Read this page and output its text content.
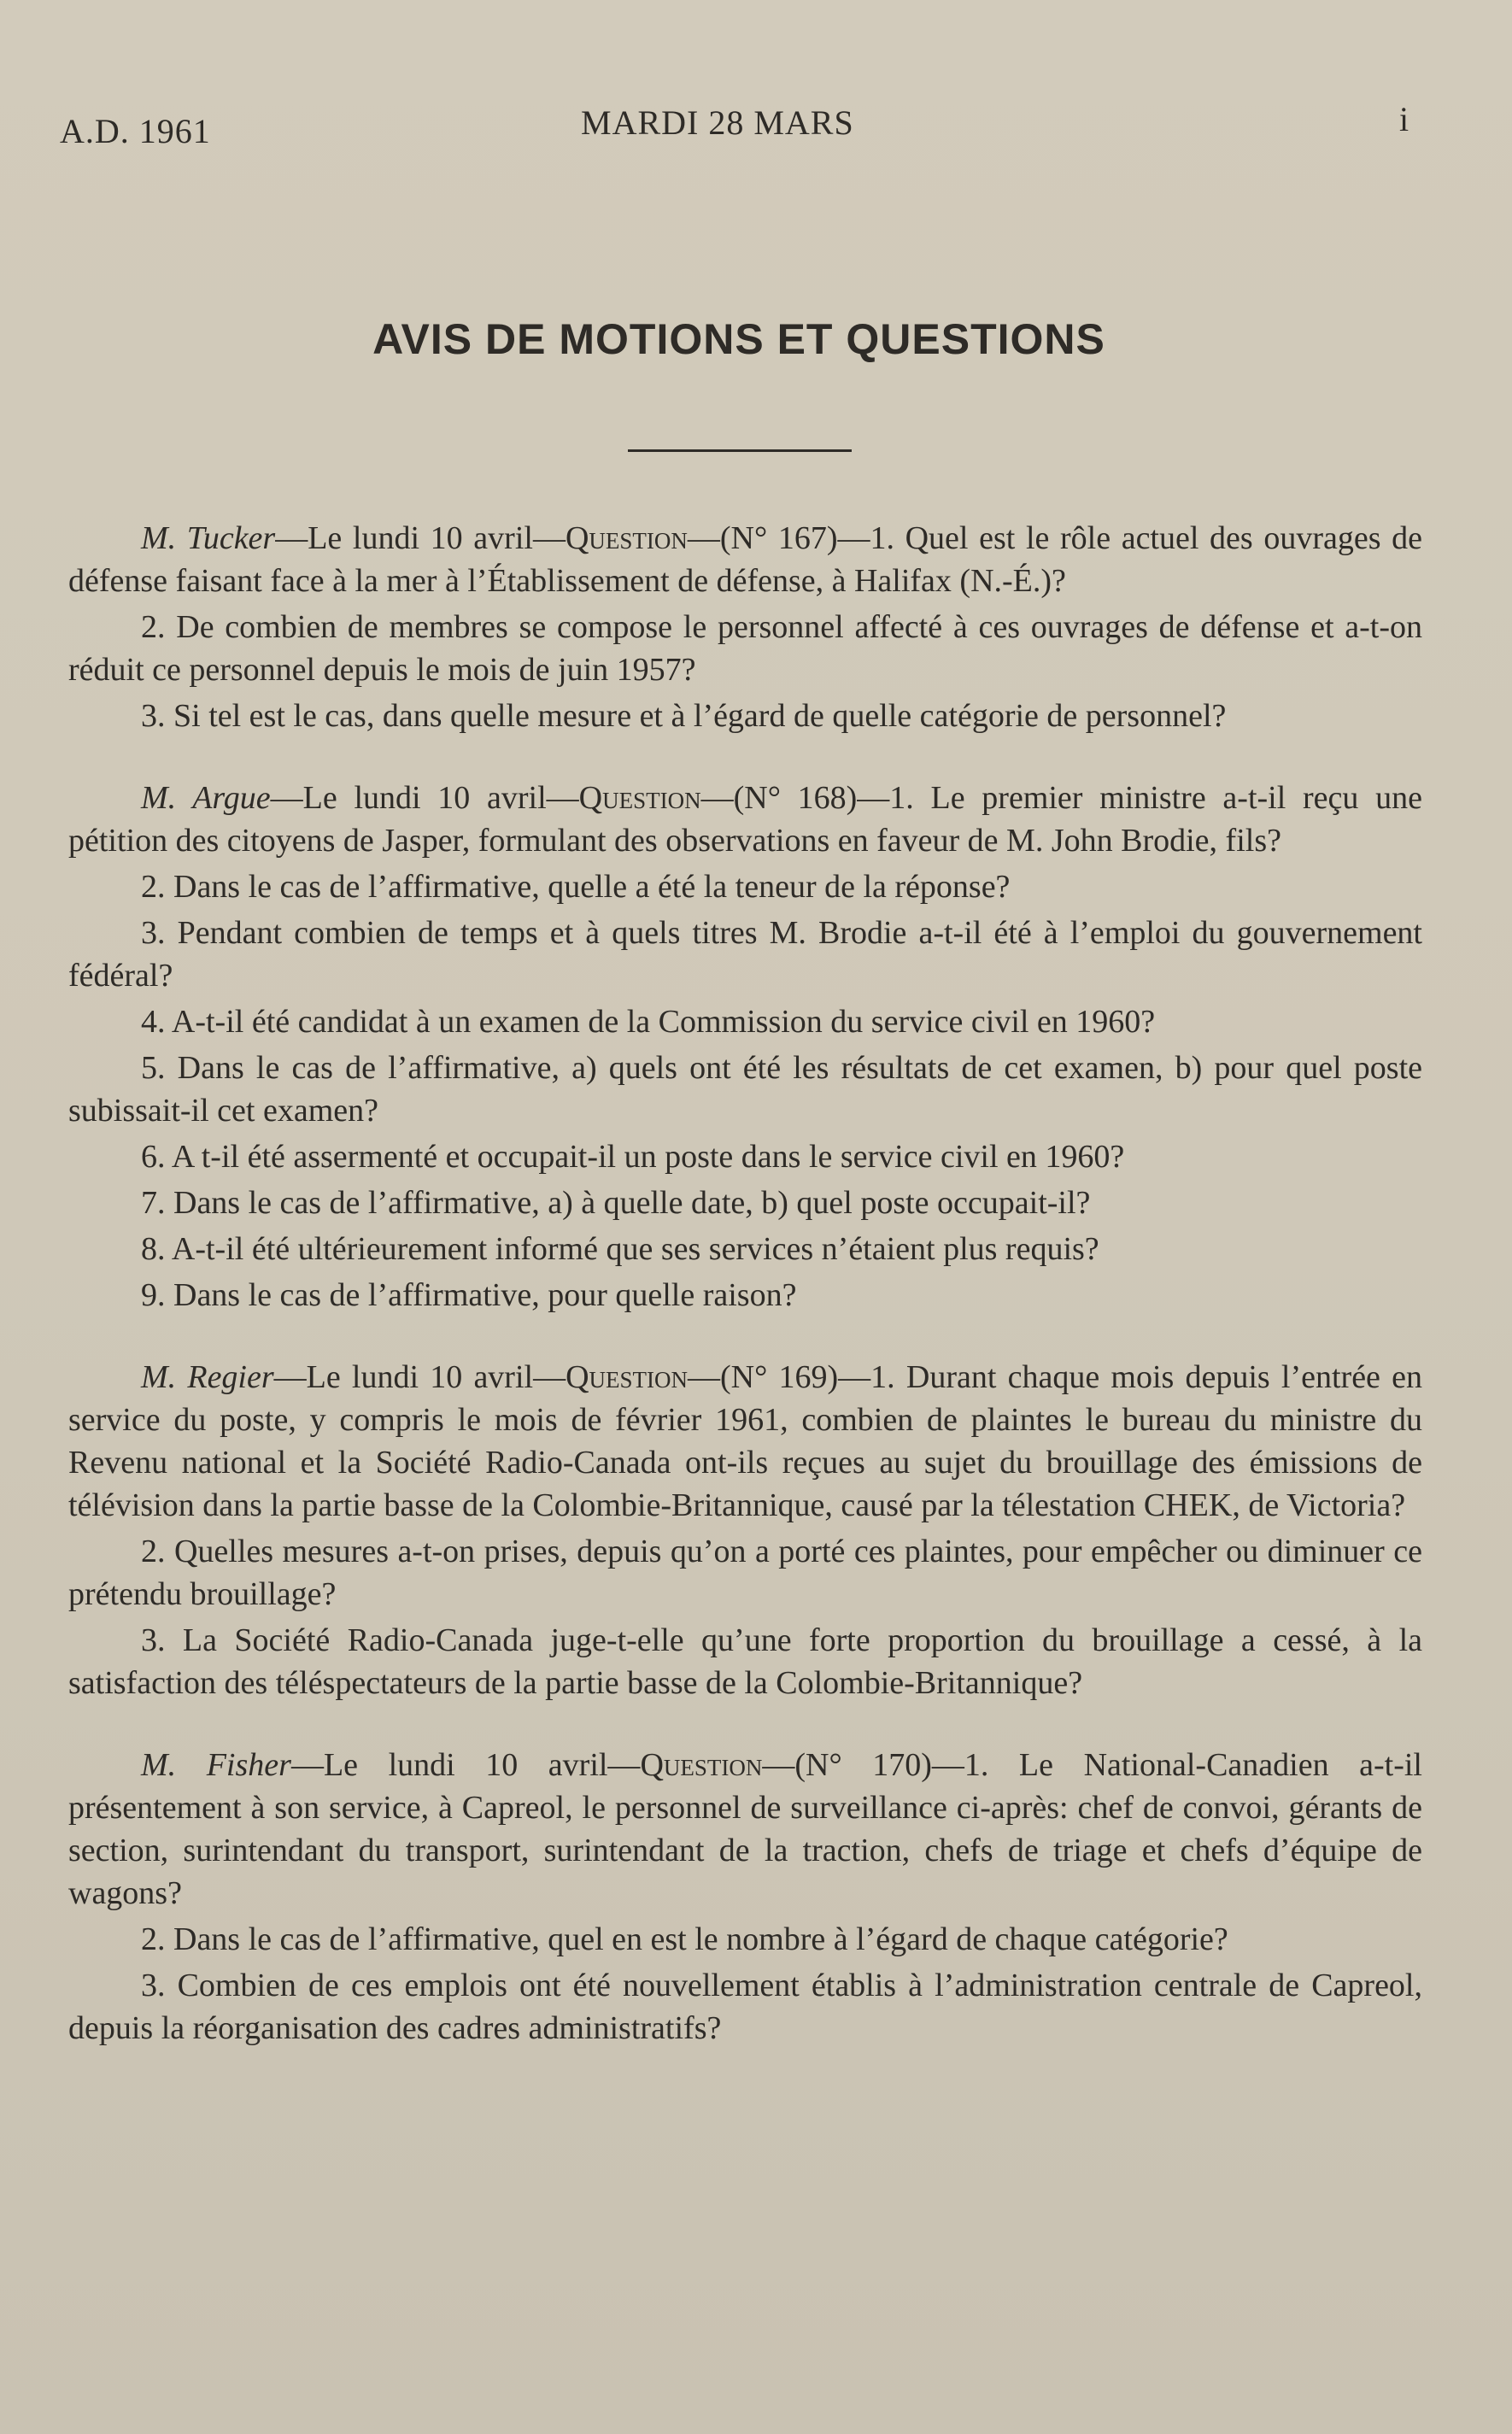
A.D. 1961	MARDI 28 MARS	i
AVIS DE MOTIONS ET QUESTIONS

M. Tucker—Le lundi 10 avril—Question—(N° 167)—1. Quel est le rôle actuel des ouvrages de défense faisant face à la mer à l’Établissement de défense, à Halifax (N.-É.)?

2. De combien de membres se compose le personnel affecté à ces ouvrages de défense et a-t-on réduit ce personnel depuis le mois de juin 1957?

3. Si tel est le cas, dans quelle mesure et à l’égard de quelle catégorie de personnel?

M. Argue—Le lundi 10 avril—Question—(N° 168)—1. Le premier ministre a-t-il reçu une pétition des citoyens de Jasper, formulant des observations en faveur de M. John Brodie, fils?

2. Dans le cas de l’affirmative, quelle a été la teneur de la réponse?

3. Pendant combien de temps et à quels titres M. Brodie a-t-il été à l’emploi du gouvernement fédéral?

4. A-t-il été candidat à un examen de la Commission du service civil en 1960?

5. Dans le cas de l’affirmative, a) quels ont été les résultats de cet examen, b) pour quel poste subissait-il cet examen?

6. A t-il été assermenté et occupait-il un poste dans le service civil en 1960?

7. Dans le cas de l’affirmative, a) à quelle date, b) quel poste occupait-il?

8. A-t-il été ultérieurement informé que ses services n’étaient plus requis?

9. Dans le cas de l’affirmative, pour quelle raison?

M. Regier—Le lundi 10 avril—Question—(N° 169)—1. Durant chaque mois depuis l’entrée en service du poste, y compris le mois de février 1961, combien de plaintes le bureau du ministre du Revenu national et la Société Radio-Canada ont-ils reçues au sujet du brouillage des émissions de télévision dans la partie basse de la Colombie-Britannique, causé par la télestation CHEK, de Victoria?

2. Quelles mesures a-t-on prises, depuis qu’on a porté ces plaintes, pour empêcher ou diminuer ce prétendu brouillage?

3. La Société Radio-Canada juge-t-elle qu’une forte proportion du brouillage a cessé, à la satisfaction des téléspectateurs de la partie basse de la Colombie-Britannique?

M. Fisher—Le lundi 10 avril—Question—(N° 170)—1. Le National-Canadien a-t-il présentement à son service, à Capreol, le personnel de surveillance ci-après: chef de convoi, gérants de section, surintendant du transport, surintendant de la traction, chefs de triage et chefs d’équipe de wagons?

2. Dans le cas de l’affirmative, quel en est le nombre à l’égard de chaque catégorie?

3. Combien de ces emplois ont été nouvellement établis à l’administration centrale de Capreol, depuis la réorganisation des cadres administratifs?
